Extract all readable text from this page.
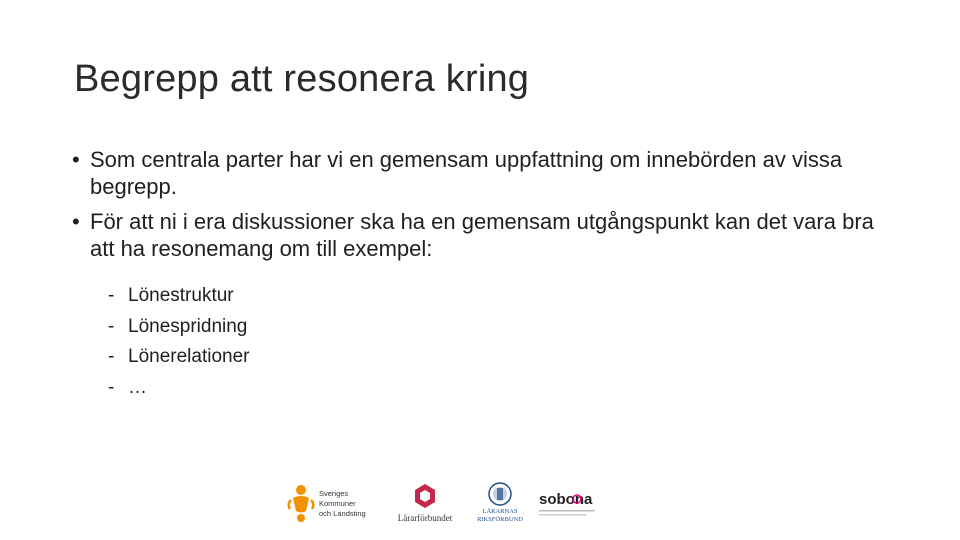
Begrepp att resonera kring
• Som centrala parter har vi en gemensam uppfattning om innebörden av vissa begrepp.
• För att ni i era diskussioner ska ha en gemensam utgångspunkt kan det vara bra att ha resonemang om till exempel:
- Lönestruktur
- Lönespridning
- Lönerelationer
- …
Sveriges
Kommuner
och Landsting	Lärarförbundet
LÄRARNAS
RIKSFÖRBUND
sobona
